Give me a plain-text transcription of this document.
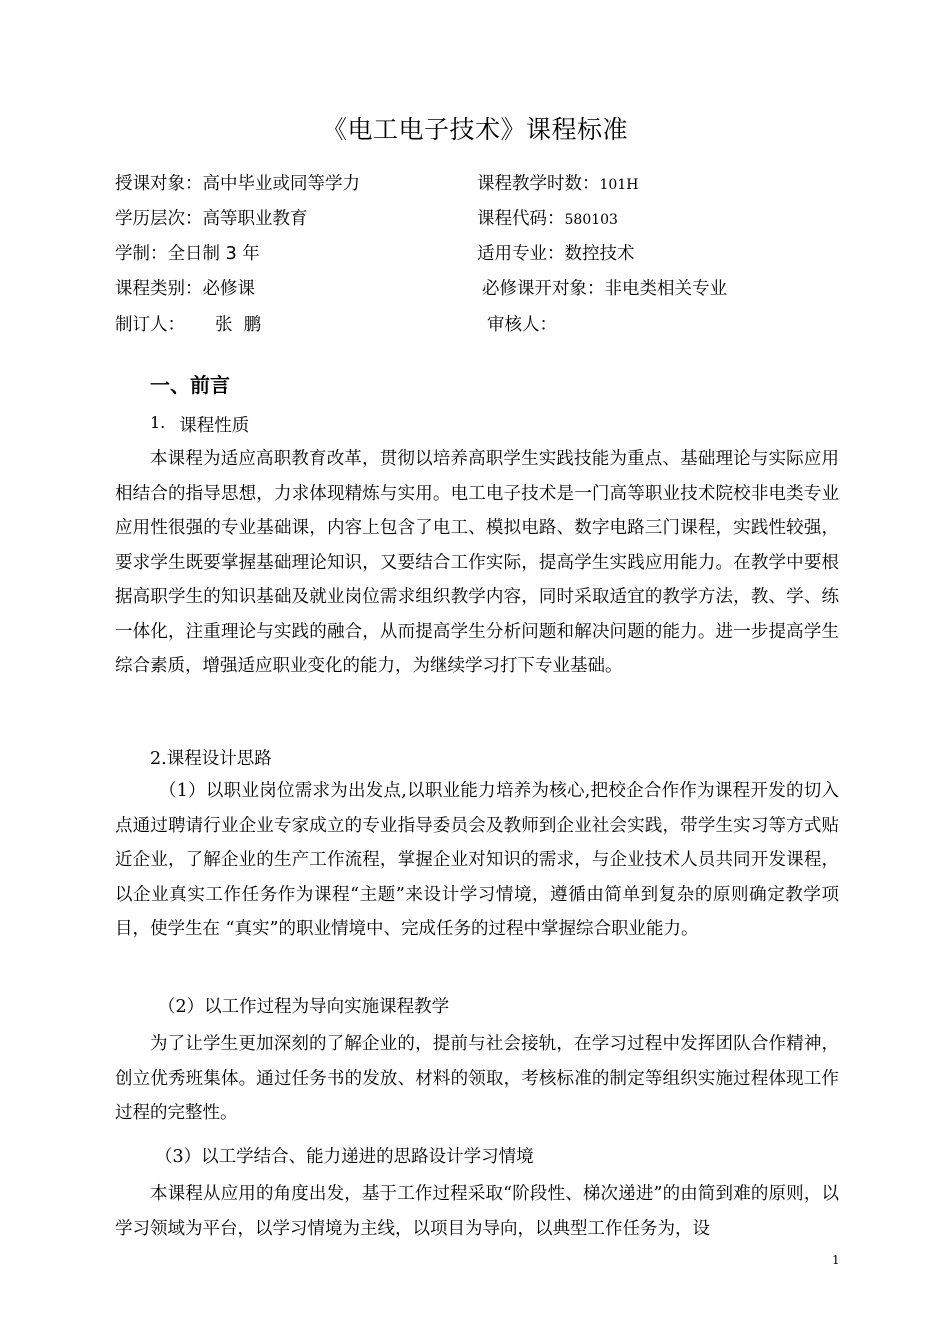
《电工电子技术》课程标准
授课对象：高中毕业或同等学力	课程教学时数：101H
学历层次：高等职业教育	课程代码：580103
学制：全日制 3 年	适用专业：数控技术
课程类别：必修课	必修课开对象：非电类相关专业
制订人： 张  鹏	审核人：
一、前言
1. 课程性质

本课程为适应高职教育改革，贯彻以培养高职学生实践技能为重点、基础理论与实际应用相结合的指导思想，力求体现精炼与实用。电工电子技术是一门高等职业技术院校非电类专业应用性很强的专业基础课，内容上包含了电工、模拟电路、数字电路三门课程，实践性较强，要求学生既要掌握基础理论知识，又要结合工作实际，提高学生实践应用能力。在教学中要根据高职学生的知识基础及就业岗位需求组织教学内容，同时采取适宜的教学方法，教、学、练一体化，注重理论与实践的融合，从而提高学生分析问题和解决问题的能力。进一步提高学生综合素质，增强适应职业变化的能力，为继续学习打下专业基础。

2.课程设计思路

（1）以职业岗位需求为出发点,以职业能力培养为核心,把校企合作作为课程开发的切入点通过聘请行业企业专家成立的专业指导委员会及教师到企业社会实践，带学生实习等方式贴近企业，了解企业的生产工作流程，掌握企业对知识的需求，与企业技术人员共同开发课程，以企业真实工作任务作为课程“主题”来设计学习情境，遵循由简单到复杂的原则确定教学项目，使学生在 “真实”的职业情境中、完成任务的过程中掌握综合职业能力。

（2）以工作过程为导向实施课程教学

为了让学生更加深刻的了解企业的，提前与社会接轨，在学习过程中发挥团队合作精神，创立优秀班集体。通过任务书的发放、材料的领取，考核标准的制定等组织实施过程体现工作过程的完整性。

（3）以工学结合、能力递进的思路设计学习情境

本课程从应用的角度出发，基于工作过程采取“阶段性、梯次递进”的由简到难的原则，以学习领域为平台，以学习情境为主线，以项目为导向，以典型工作任务为，设

1
